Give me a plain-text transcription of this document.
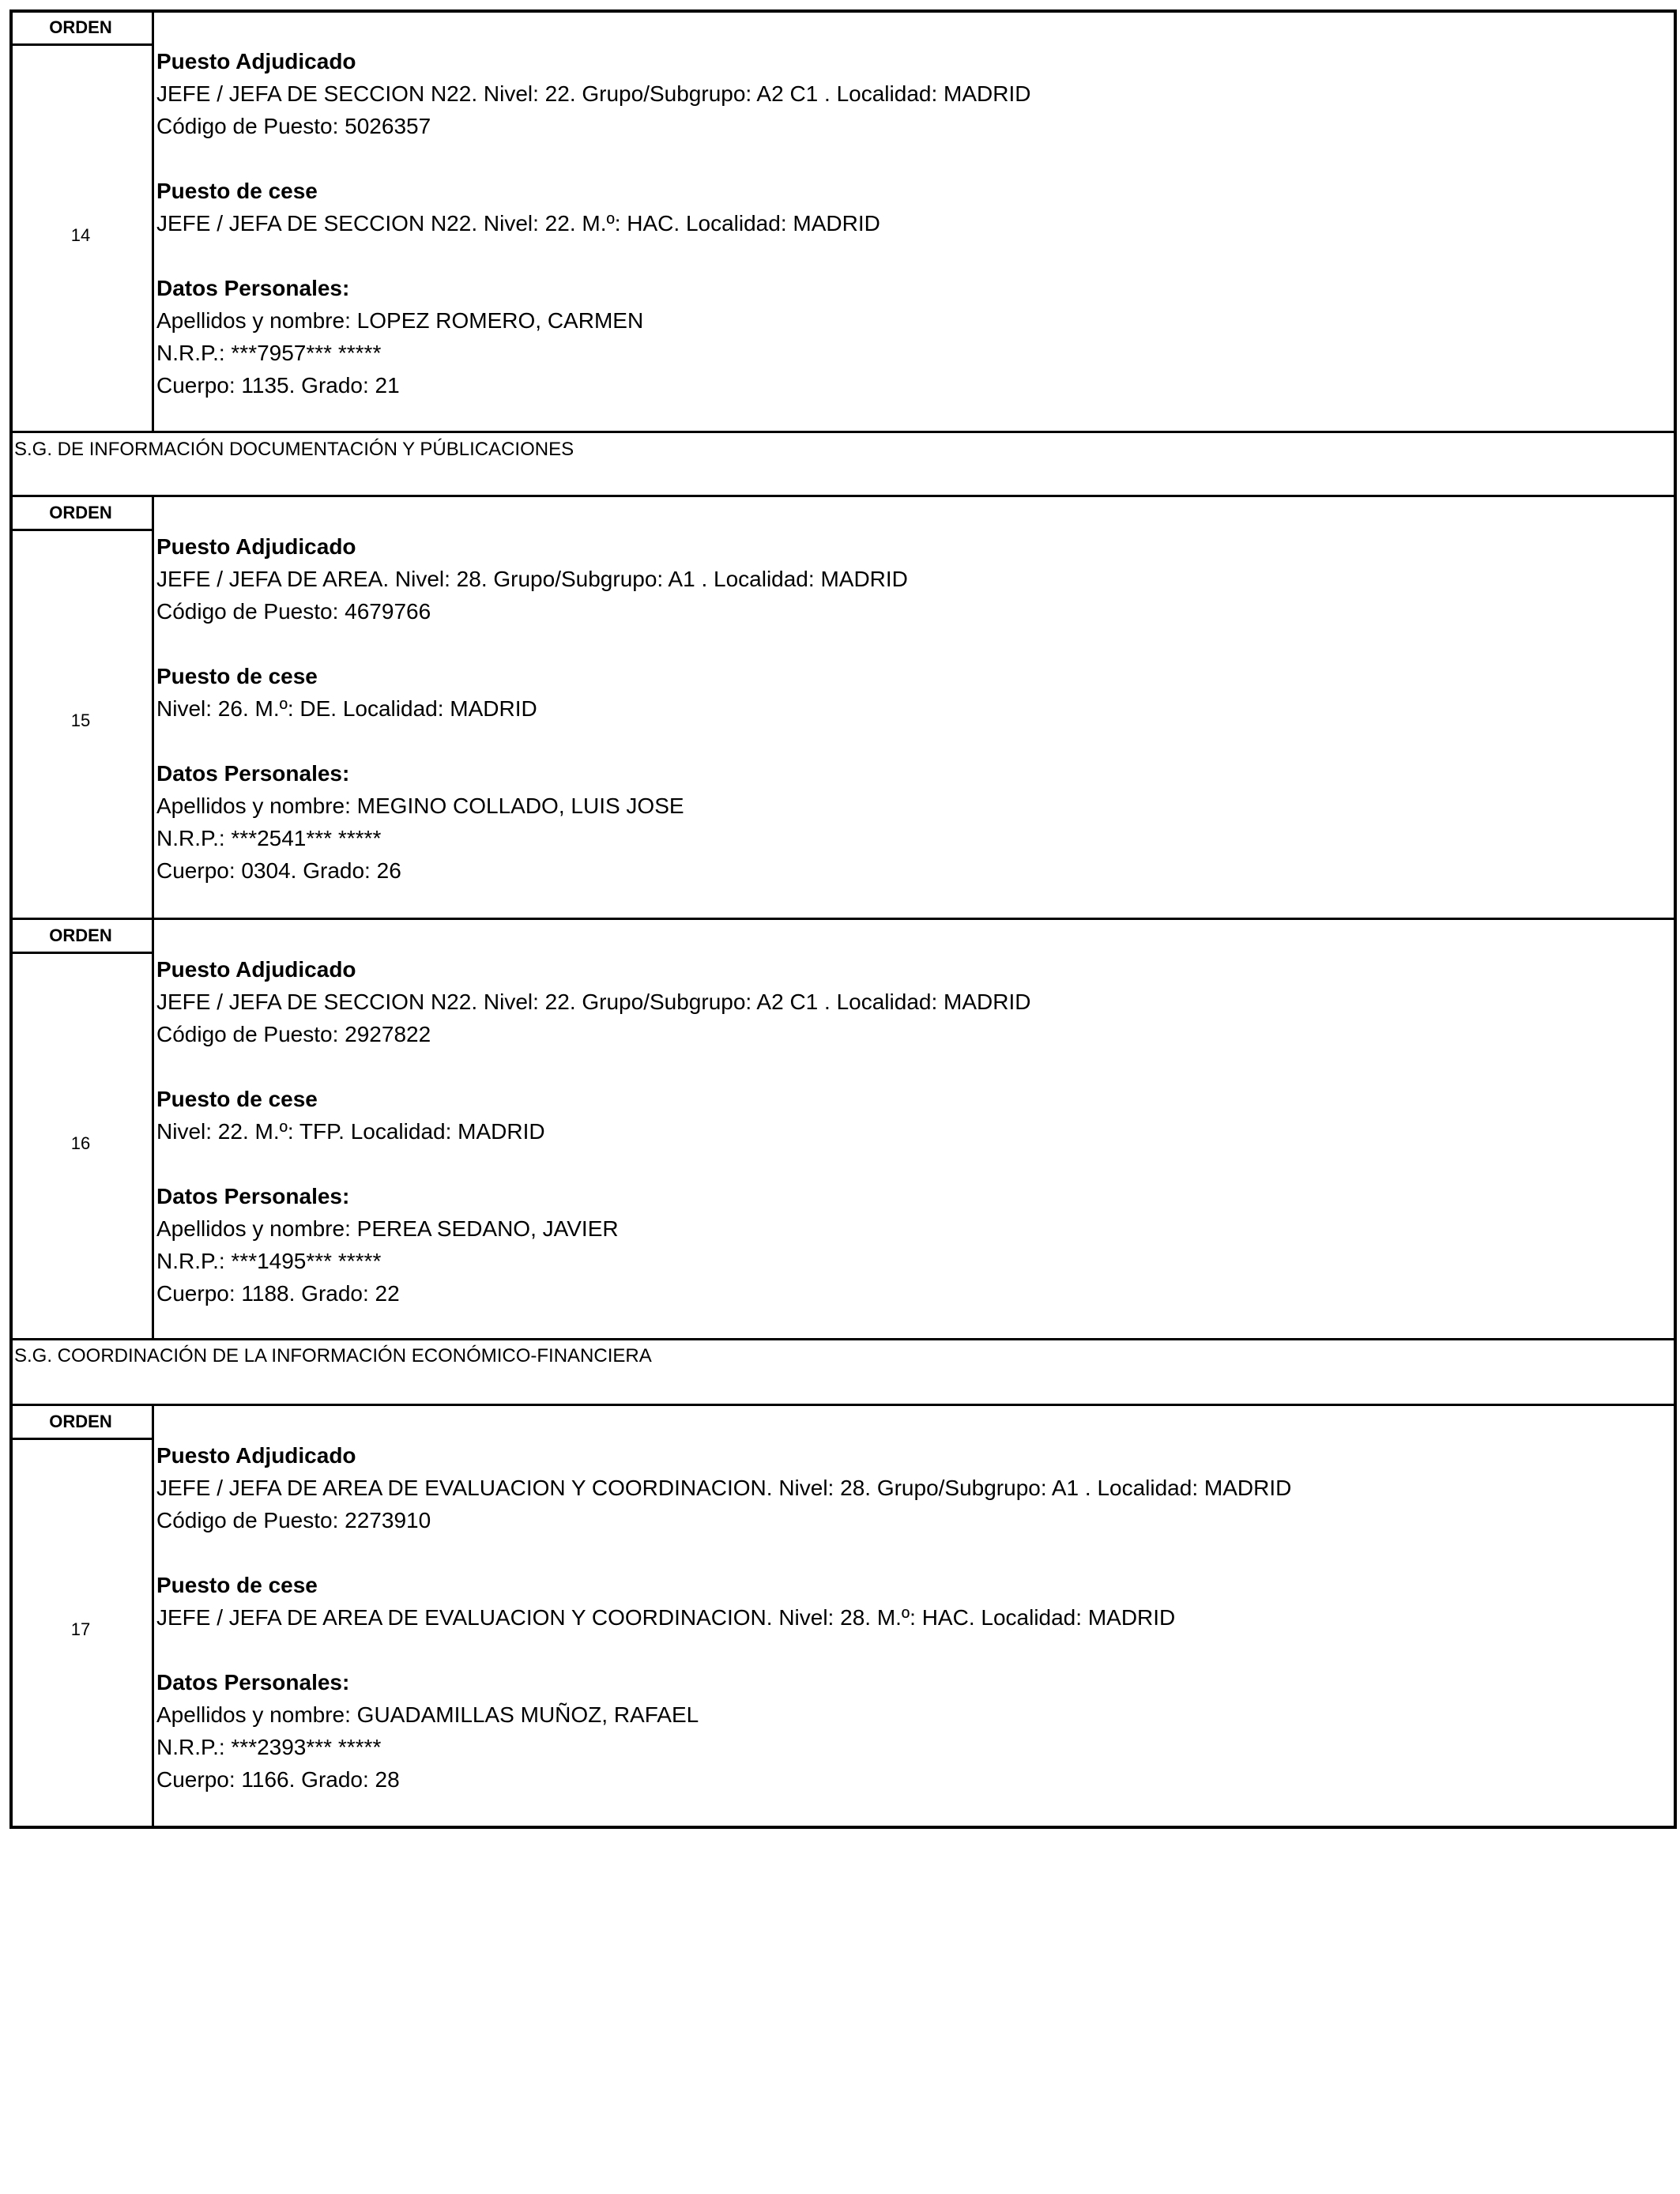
ORDEN
14
Puesto Adjudicado
JEFE / JEFA DE SECCION N22. Nivel: 22. Grupo/Subgrupo: A2 C1 . Localidad: MADRID
Código de Puesto: 5026357
Puesto de cese
JEFE / JEFA DE SECCION N22. Nivel: 22. M.º: HAC. Localidad: MADRID
Datos Personales:
Apellidos y nombre: LOPEZ ROMERO, CARMEN
N.R.P.: ***7957*** *****
Cuerpo: 1135. Grado: 21
S.G. DE INFORMACIÓN DOCUMENTACIÓN Y PÚBLICACIONES
ORDEN
15
Puesto Adjudicado
JEFE / JEFA DE AREA. Nivel: 28. Grupo/Subgrupo: A1 . Localidad: MADRID
Código de Puesto: 4679766
Puesto de cese
Nivel: 26. M.º: DE. Localidad: MADRID
Datos Personales:
Apellidos y nombre: MEGINO COLLADO, LUIS JOSE
N.R.P.: ***2541*** *****
Cuerpo: 0304. Grado: 26
ORDEN
16
Puesto Adjudicado
JEFE / JEFA DE SECCION N22. Nivel: 22. Grupo/Subgrupo: A2 C1 . Localidad: MADRID
Código de Puesto: 2927822
Puesto de cese
Nivel: 22. M.º: TFP. Localidad: MADRID
Datos Personales:
Apellidos y nombre: PEREA SEDANO, JAVIER
N.R.P.: ***1495*** *****
Cuerpo: 1188. Grado: 22
S.G. COORDINACIÓN DE LA INFORMACIÓN ECONÓMICO-FINANCIERA
ORDEN
17
Puesto Adjudicado
JEFE / JEFA DE AREA DE EVALUACION Y COORDINACION. Nivel: 28. Grupo/Subgrupo: A1 . Localidad: MADRID
Código de Puesto: 2273910
Puesto de cese
JEFE / JEFA DE AREA DE EVALUACION Y COORDINACION. Nivel: 28. M.º: HAC. Localidad: MADRID
Datos Personales:
Apellidos y nombre: GUADAMILLAS MUÑOZ, RAFAEL
N.R.P.: ***2393*** *****
Cuerpo: 1166. Grado: 28
